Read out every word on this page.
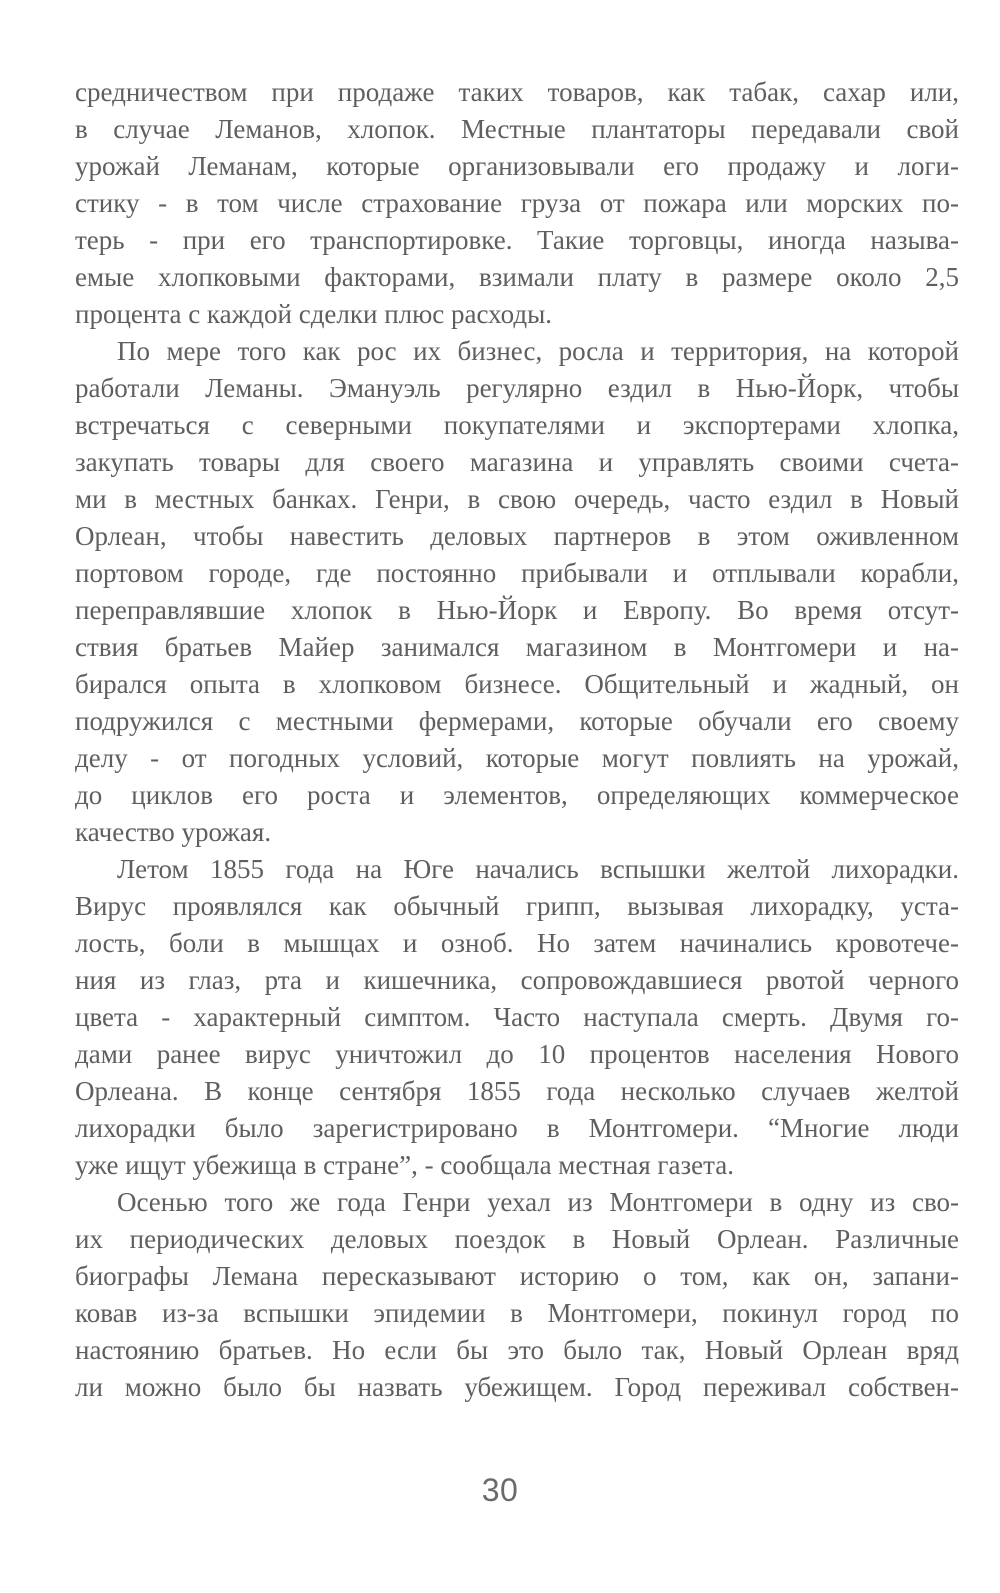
средничеством при продаже таких товаров, как табак, сахар или,
в случае Леманов, хлопок. Местные плантаторы передавали свой
урожай Леманам, которые организовывали его продажу и логи-
стику - в том числе страхование груза от пожара или морских по-
терь - при его транспортировке. Такие торговцы, иногда называ-
емые хлопковыми факторами, взимали плату в размере около 2,5
процента с каждой сделки плюс расходы.
По мере того как рос их бизнес, росла и территория, на которой
работали Леманы. Эмануэль регулярно ездил в Нью-Йорк, чтобы
встречаться с северными покупателями и экспортерами хлопка,
закупать товары для своего магазина и управлять своими счета-
ми в местных банках. Генри, в свою очередь, часто ездил в Новый
Орлеан, чтобы навестить деловых партнеров в этом оживленном
портовом городе, где постоянно прибывали и отплывали корабли,
переправлявшие хлопок в Нью-Йорк и Европу. Во время отсут-
ствия братьев Майер занимался магазином в Монтгомери и на-
бирался опыта в хлопковом бизнесе. Общительный и жадный, он
подружился с местными фермерами, которые обучали его своему
делу - от погодных условий, которые могут повлиять на урожай,
до циклов его роста и элементов, определяющих коммерческое
качество урожая.
Летом 1855 года на Юге начались вспышки желтой лихорадки.
Вирус проявлялся как обычный грипп, вызывая лихорадку, уста-
лость, боли в мышцах и озноб. Но затем начинались кровотече-
ния из глаз, рта и кишечника, сопровождавшиеся рвотой черного
цвета - характерный симптом. Часто наступала смерть. Двумя го-
дами ранее вирус уничтожил до 10 процентов населения Нового
Орлеана. В конце сентября 1855 года несколько случаев желтой
лихорадки было зарегистрировано в Монтгомери. “Многие люди
уже ищут убежища в стране”, - сообщала местная газета.
Осенью того же года Генри уехал из Монтгомери в одну из сво-
их периодических деловых поездок в Новый Орлеан. Различные
биографы Лемана пересказывают историю о том, как он, запани-
ковав из-за вспышки эпидемии в Монтгомери, покинул город по
настоянию братьев. Но если бы это было так, Новый Орлеан вряд
ли можно было бы назвать убежищем. Город переживал собствен-
30
